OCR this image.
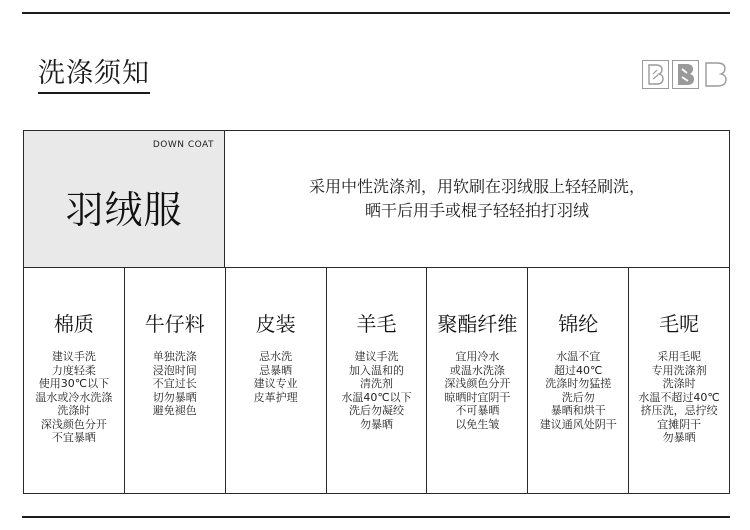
洗涤须知
DOWN COAT
羽绒服
采用中性洗涤剂，用软刷在羽绒服上轻轻刷洗，
晒干后用手或棍子轻轻拍打羽绒
棉质
建议手洗
力度轻柔
使用30℃以下
温水或冷水洗涤
洗涤时
深浅颜色分开
不宜暴晒
牛仔料
单独洗涤
浸泡时间
不宜过长
切勿暴晒
避免褪色
皮装
忌水洗
忌暴晒
建议专业
皮革护理
羊毛
建议手洗
加入温和的
清洗剂
水温40℃以下
洗后勿凝绞
勿暴晒
聚酯纤维
宜用冷水
或温水洗涤
深浅颜色分开
晾晒时宜阴干
不可暴晒
以免生皱
锦纶
水温不宜
超过40℃
洗涤时勿猛搓
洗后勿
暴晒和烘干
建议通风处阴干
毛呢
采用毛呢
专用洗涤剂
洗涤时
水温不超过40℃
挤压洗，忌拧绞
宜摊阴干
勿暴晒
